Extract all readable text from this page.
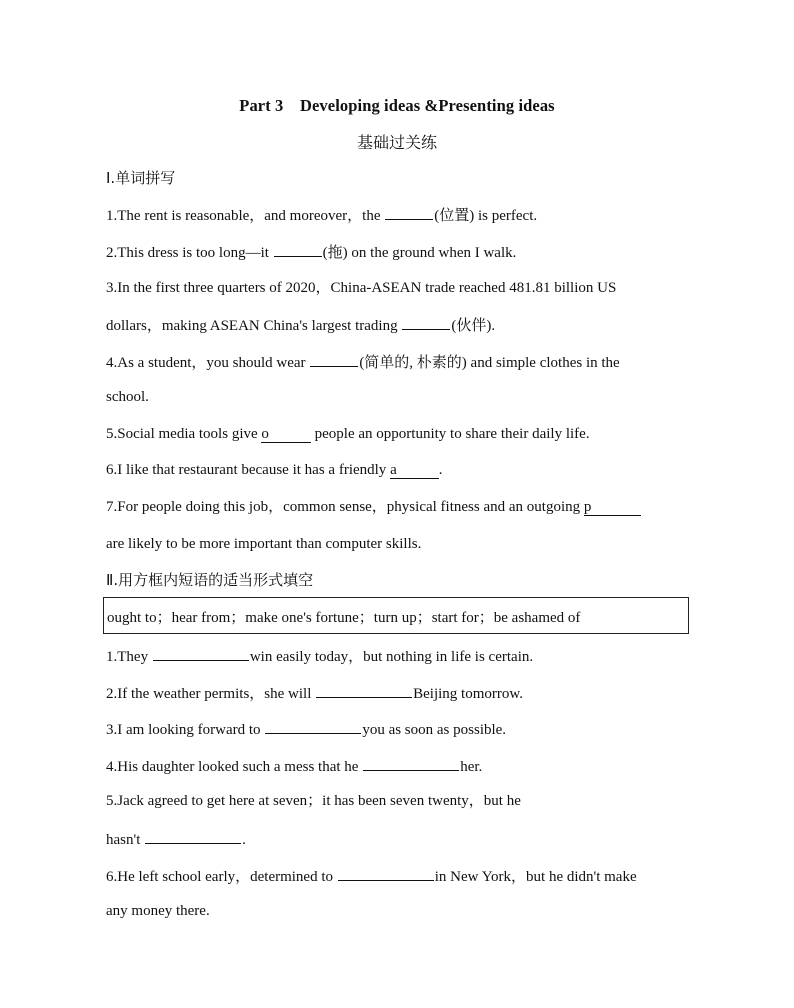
Part 3　Developing ideas &Presenting ideas
基础过关练
Ⅰ.单词拼写
1.The rent is reasonable，and moreover，the	(位置) is perfect.
2.This dress is too long—it	(拖) on the ground when I walk.
3.In the first three quarters of 2020，China-ASEAN trade reached 481.81 billion US
dollars，making ASEAN China's largest trading	(伙伴).
4.As a student，you should wear	(简单的, 朴素的) and simple clothes in the
school.
5.Social media tools give o	people an opportunity to share their daily life.
6.I like that restaurant because it has a friendly a	.
7.For people doing this job，common sense，physical fitness and an outgoing p
are likely to be more important than computer skills.
Ⅱ.用方框内短语的适当形式填空
ought to；hear from；make one's fortune；turn up；start for；be ashamed of
1.They	win easily today，but nothing in life is certain.
2.If the weather permits，she will	Beijing tomorrow.
3.I am looking forward to	you as soon as possible.
4.His daughter looked such a mess that he	her.
5.Jack agreed to get here at seven；it has been seven twenty，but he
hasn't	.
6.He left school early，determined to	in New York，but he didn't make
any money there.
